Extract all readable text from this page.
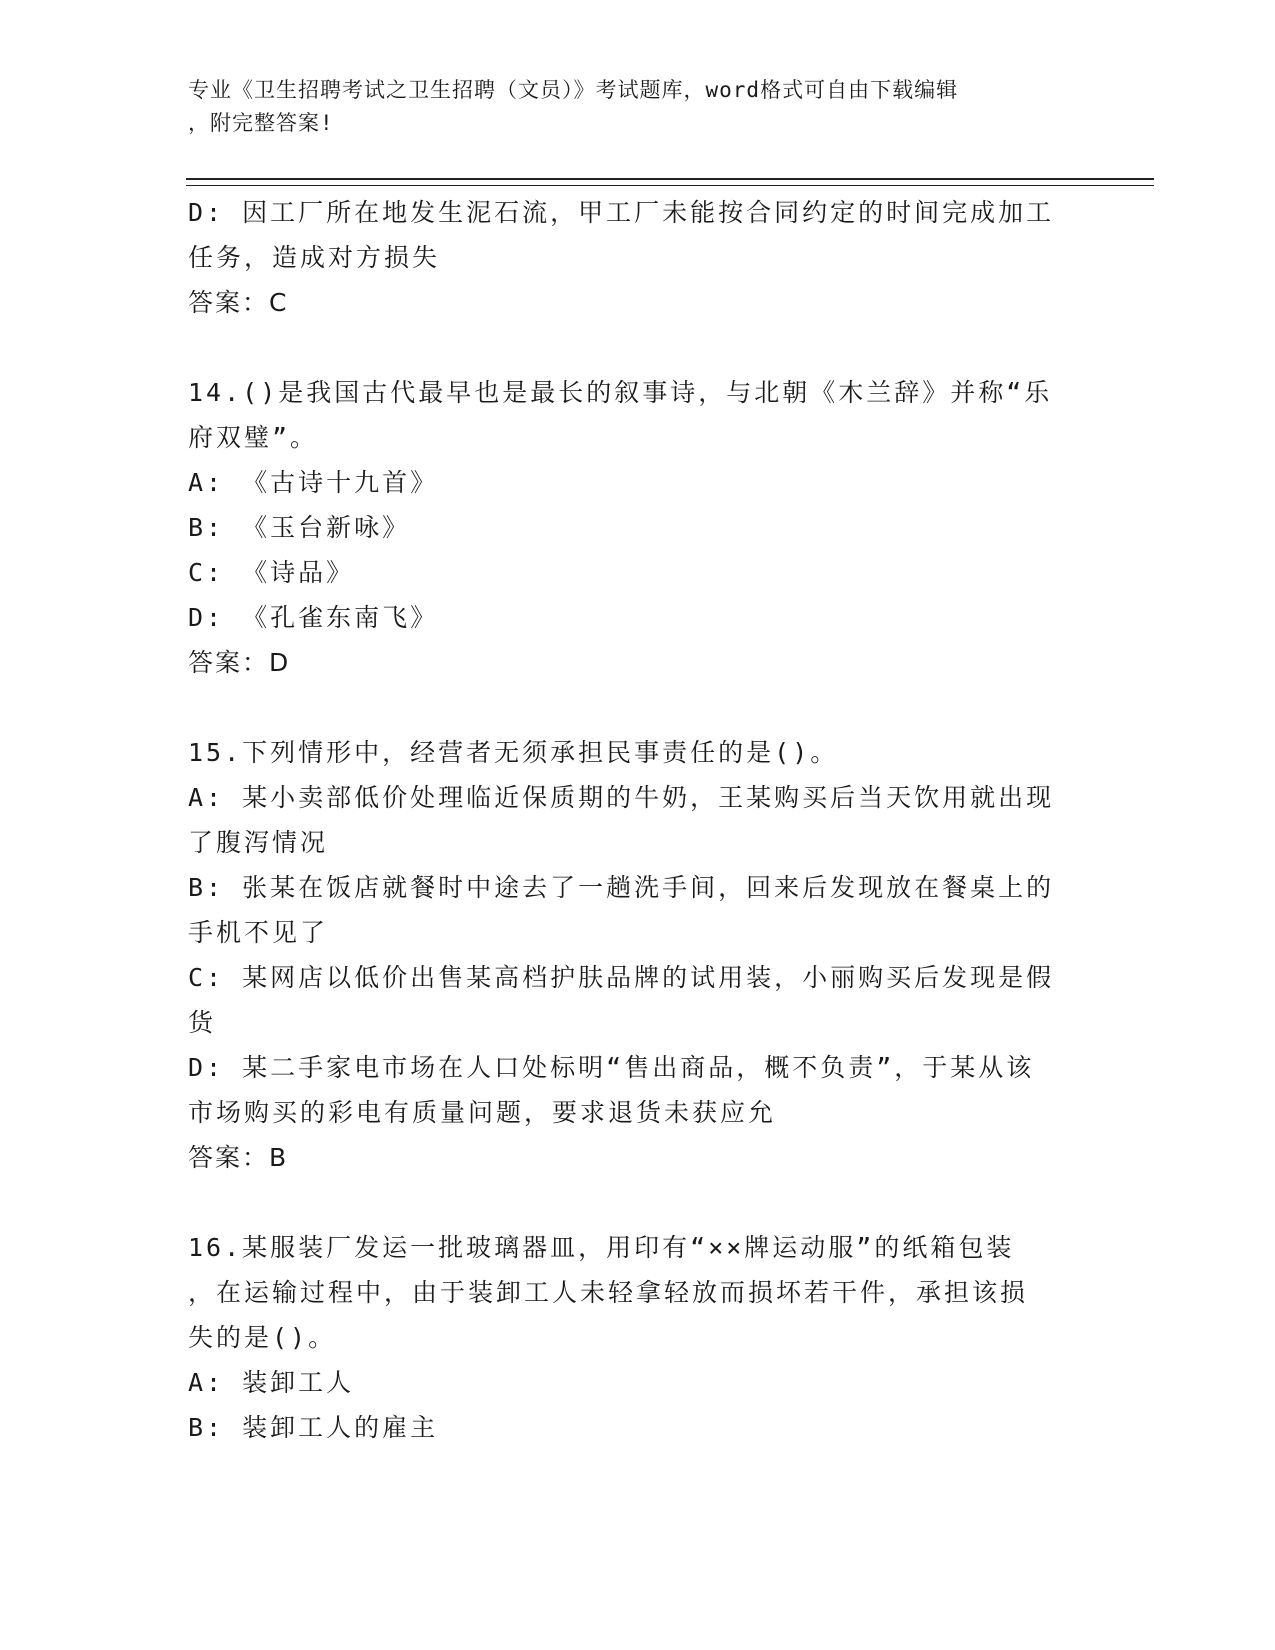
专业《卫生招聘考试之卫生招聘（文员）》考试题库，word格式可自由下载编辑
，附完整答案!
D: 因工厂所在地发生泥石流，甲工厂未能按合同约定的时间完成加工
任务，造成对方损失
答案：C
14.()是我国古代最早也是最长的叙事诗，与北朝《木兰辞》并称“乐
府双璧”。
A: 《古诗十九首》
B: 《玉台新咏》
C: 《诗品》
D: 《孔雀东南飞》
答案：D
15.下列情形中，经营者无须承担民事责任的是()。
A: 某小卖部低价处理临近保质期的牛奶，王某购买后当天饮用就出现
了腹泻情况
B: 张某在饭店就餐时中途去了一趟洗手间，回来后发现放在餐桌上的
手机不见了
C: 某网店以低价出售某高档护肤品牌的试用装，小丽购买后发现是假
货
D: 某二手家电市场在人口处标明“售出商品，概不负责”，于某从该
市场购买的彩电有质量问题，要求退货未获应允
答案：B
16.某服装厂发运一批玻璃器皿，用印有“××牌运动服”的纸箱包装
，在运输过程中，由于装卸工人未轻拿轻放而损坏若干件，承担该损
失的是()。
A: 装卸工人
B: 装卸工人的雇主
